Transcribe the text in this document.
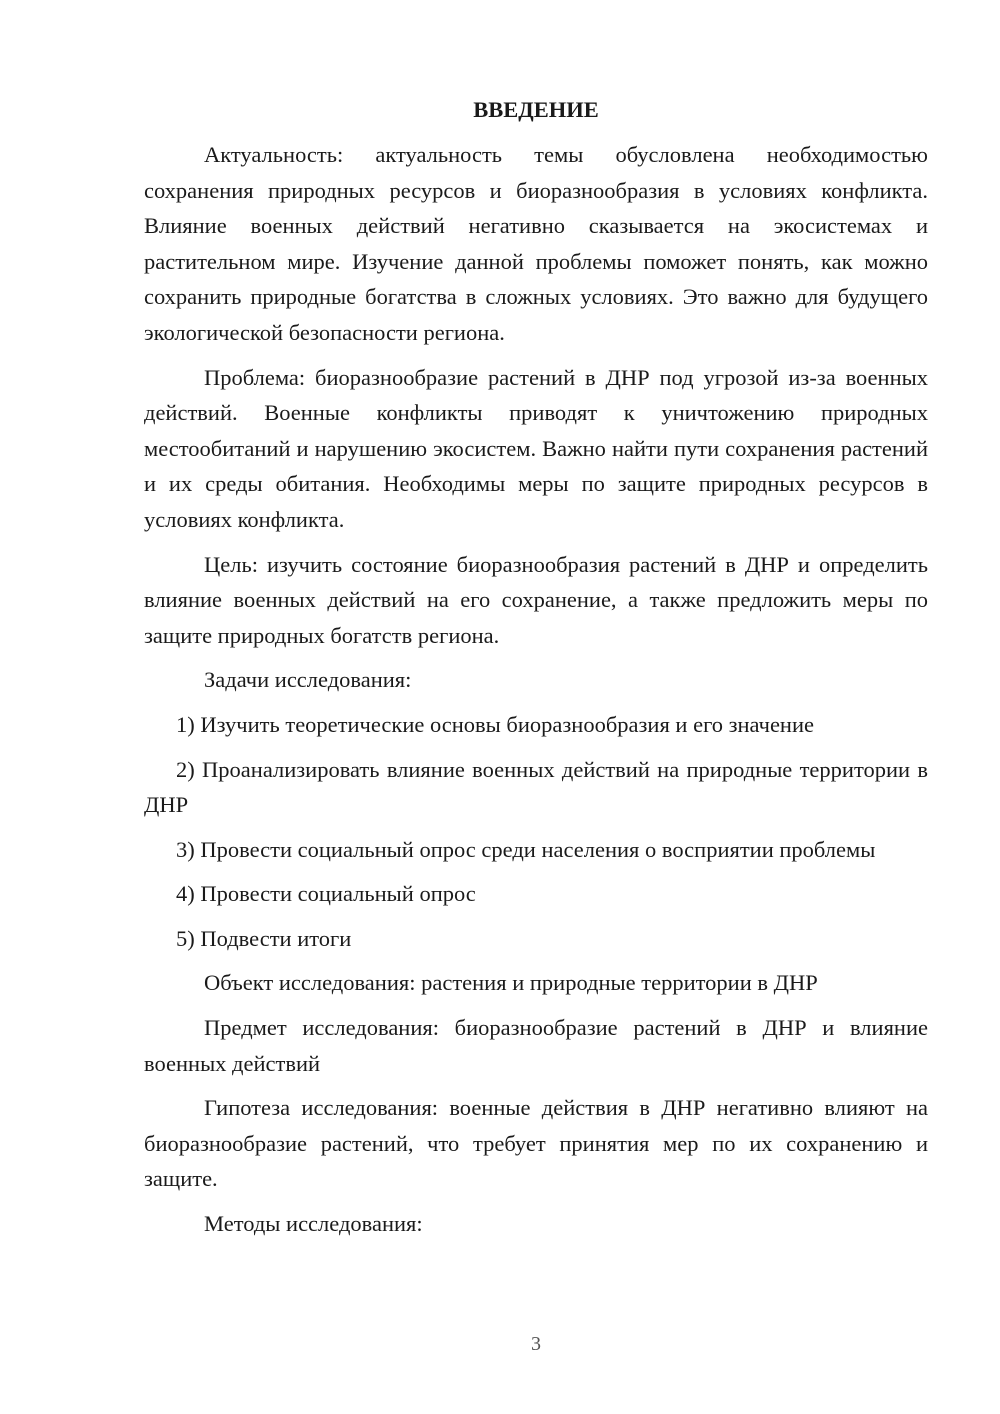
ВВЕДЕНИЕ

Актуальность: актуальность темы обусловлена необходимостью сохранения природных ресурсов и биоразнообразия в условиях конфликта. Влияние военных действий негативно сказывается на экосистемах и растительном мире. Изучение данной проблемы поможет понять, как можно сохранить природные богатства в сложных условиях. Это важно для будущего экологической безопасности региона.

Проблема: биоразнообразие растений в ДНР под угрозой из-за военных действий. Военные конфликты приводят к уничтожению природных местообитаний и нарушению экосистем. Важно найти пути сохранения растений и их среды обитания. Необходимы меры по защите природных ресурсов в условиях конфликта.

Цель: изучить состояние биоразнообразия растений в ДНР и определить влияние военных действий на его сохранение, а также предложить меры по защите природных богатств региона.

Задачи исследования:

1) Изучить теоретические основы биоразнообразия и его значение

2) Проанализировать влияние военных действий на природные территории в ДНР

3) Провести социальный опрос среди населения о восприятии проблемы

4) Провести социальный опрос

5) Подвести итоги

Объект исследования: растения и природные территории в ДНР

Предмет исследования: биоразнообразие растений в ДНР и влияние военных действий

Гипотеза исследования: военные действия в ДНР негативно влияют на биоразнообразие растений, что требует принятия мер по их сохранению и защите.

Методы исследования:

3
